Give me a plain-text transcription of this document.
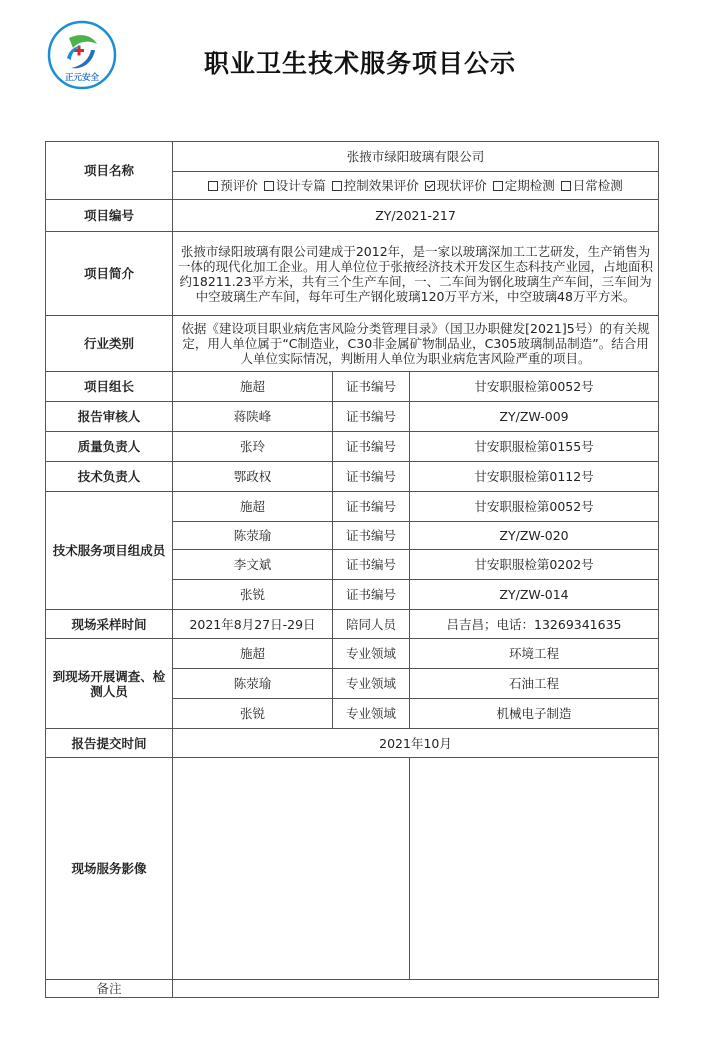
正元安全	职业卫生技术服务项目公示
项目名称	张掖市绿阳玻璃有限公司		
	预评价 设计专篇 控制效果评价 现状评价 定期检测 日常检测		
项目编号	ZY/2021-217		
项目简介	张掖市绿阳玻璃有限公司建成于2012年，是一家以玻璃深加工工艺研发，生产销售为一体的现代化加工企业。用人单位位于张掖经济技术开发区生态科技产业园，占地面积约18211.23平方米，共有三个生产车间，一、二车间为钢化玻璃生产车间，三车间为中空玻璃生产车间，每年可生产钢化玻璃120万平方米，中空玻璃48万平方米。		
行业类别	依据《建设项目职业病危害风险分类管理目录》（国卫办职健发[2021]5号）的有关规定，用人单位属于“C制造业，C30非金属矿物制品业，C305玻璃制品制造”。结合用人单位实际情况，判断用人单位为职业病危害风险严重的项目。		
项目组长	施超	证书编号	甘安职服检第0052号
报告审核人	蒋陕峰	证书编号	ZY/ZW-009
质量负责人	张玲	证书编号	甘安职服检第0155号
技术负责人	鄂政权	证书编号	甘安职服检第0112号
技术服务项目组成员	施超	证书编号	甘安职服检第0052号
	陈荥瑜	证书编号	ZY/ZW-020
	李文斌	证书编号	甘安职服检第0202号
	张锐	证书编号	ZY/ZW-014
现场采样时间	2021年8月27日-29日	陪同人员	吕吉昌；电话：13269341635
到现场开展调查、检测人员	施超	专业领域	环境工程
	陈荥瑜	专业领域	石油工程
	张锐	专业领域	机械电子制造
报告提交时间	2021年10月		
现场服务影像			
备注			
